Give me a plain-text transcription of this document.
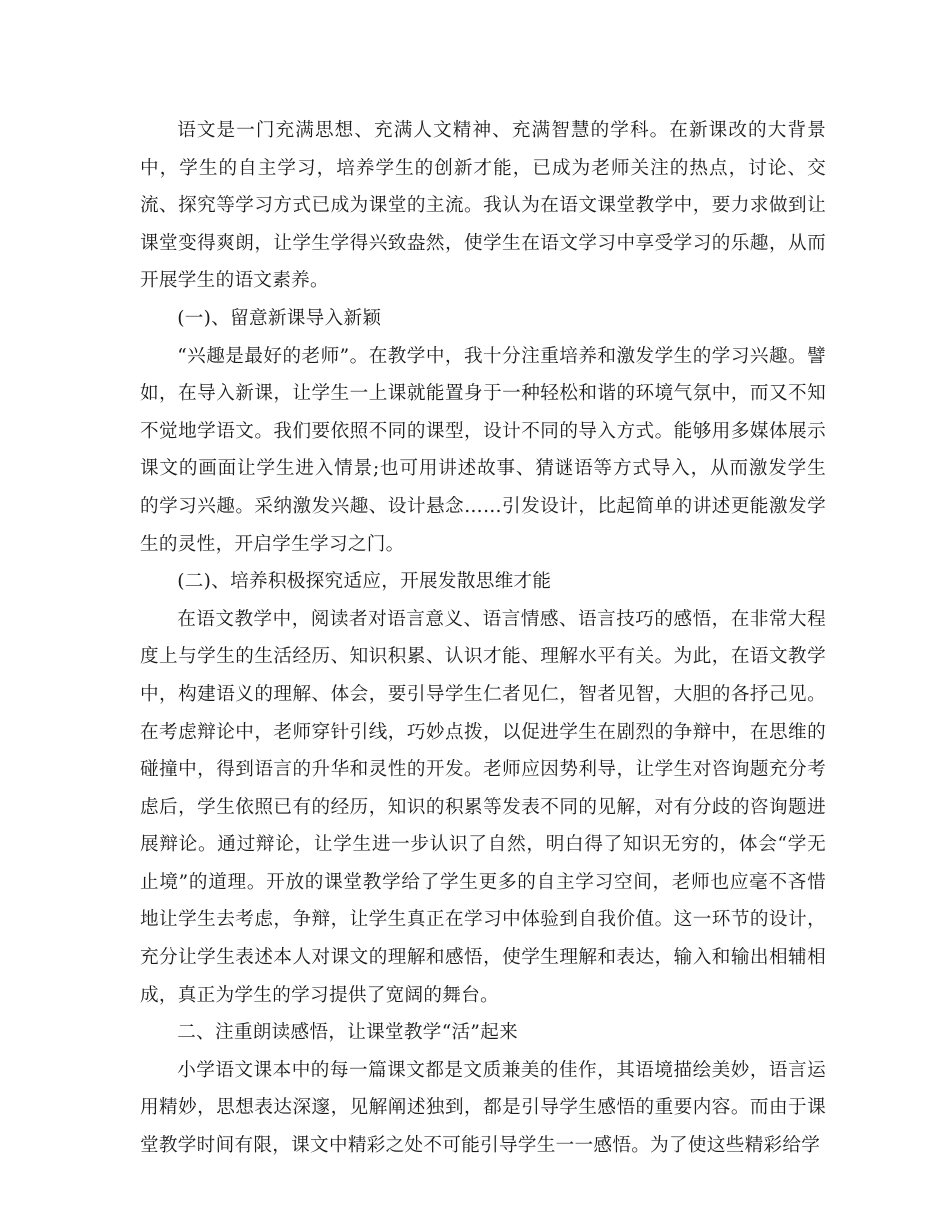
语文是一门充满思想、充满人文精神、充满智慧的学科。在新课改的大背景中，学生的自主学习，培养学生的创新才能，已成为老师关注的热点，讨论、交流、探究等学习方式已成为课堂的主流。我认为在语文课堂教学中，要力求做到让课堂变得爽朗，让学生学得兴致盎然，使学生在语文学习中享受学习的乐趣，从而开展学生的语文素养。

(一)、留意新课导入新颖

“兴趣是最好的老师”。在教学中，我十分注重培养和激发学生的学习兴趣。譬如，在导入新课，让学生一上课就能置身于一种轻松和谐的环境气氛中，而又不知不觉地学语文。我们要依照不同的课型，设计不同的导入方式。能够用多媒体展示课文的画面让学生进入情景;也可用讲述故事、猜谜语等方式导入，从而激发学生的学习兴趣。采纳激发兴趣、设计悬念……引发设计，比起简单的讲述更能激发学生的灵性，开启学生学习之门。

(二)、培养积极探究适应，开展发散思维才能

在语文教学中，阅读者对语言意义、语言情感、语言技巧的感悟，在非常大程度上与学生的生活经历、知识积累、认识才能、理解水平有关。为此，在语文教学中，构建语义的理解、体会，要引导学生仁者见仁，智者见智，大胆的各抒己见。在考虑辩论中，老师穿针引线，巧妙点拨，以促进学生在剧烈的争辩中，在思维的碰撞中，得到语言的升华和灵性的开发。老师应因势利导，让学生对咨询题充分考虑后，学生依照已有的经历，知识的积累等发表不同的见解，对有分歧的咨询题进展辩论。通过辩论，让学生进一步认识了自然，明白得了知识无穷的，体会“学无止境”的道理。开放的课堂教学给了学生更多的自主学习空间，老师也应毫不吝惜地让学生去考虑，争辩，让学生真正在学习中体验到自我价值。这一环节的设计，充分让学生表述本人对课文的理解和感悟，使学生理解和表达，输入和输出相辅相成，真正为学生的学习提供了宽阔的舞台。

二、注重朗读感悟，让课堂教学“活”起来

小学语文课本中的每一篇课文都是文质兼美的佳作，其语境描绘美妙，语言运用精妙，思想表达深邃，见解阐述独到，都是引导学生感悟的重要内容。而由于课堂教学时间有限，课文中精彩之处不可能引导学生一一感悟。为了使这些精彩给学
